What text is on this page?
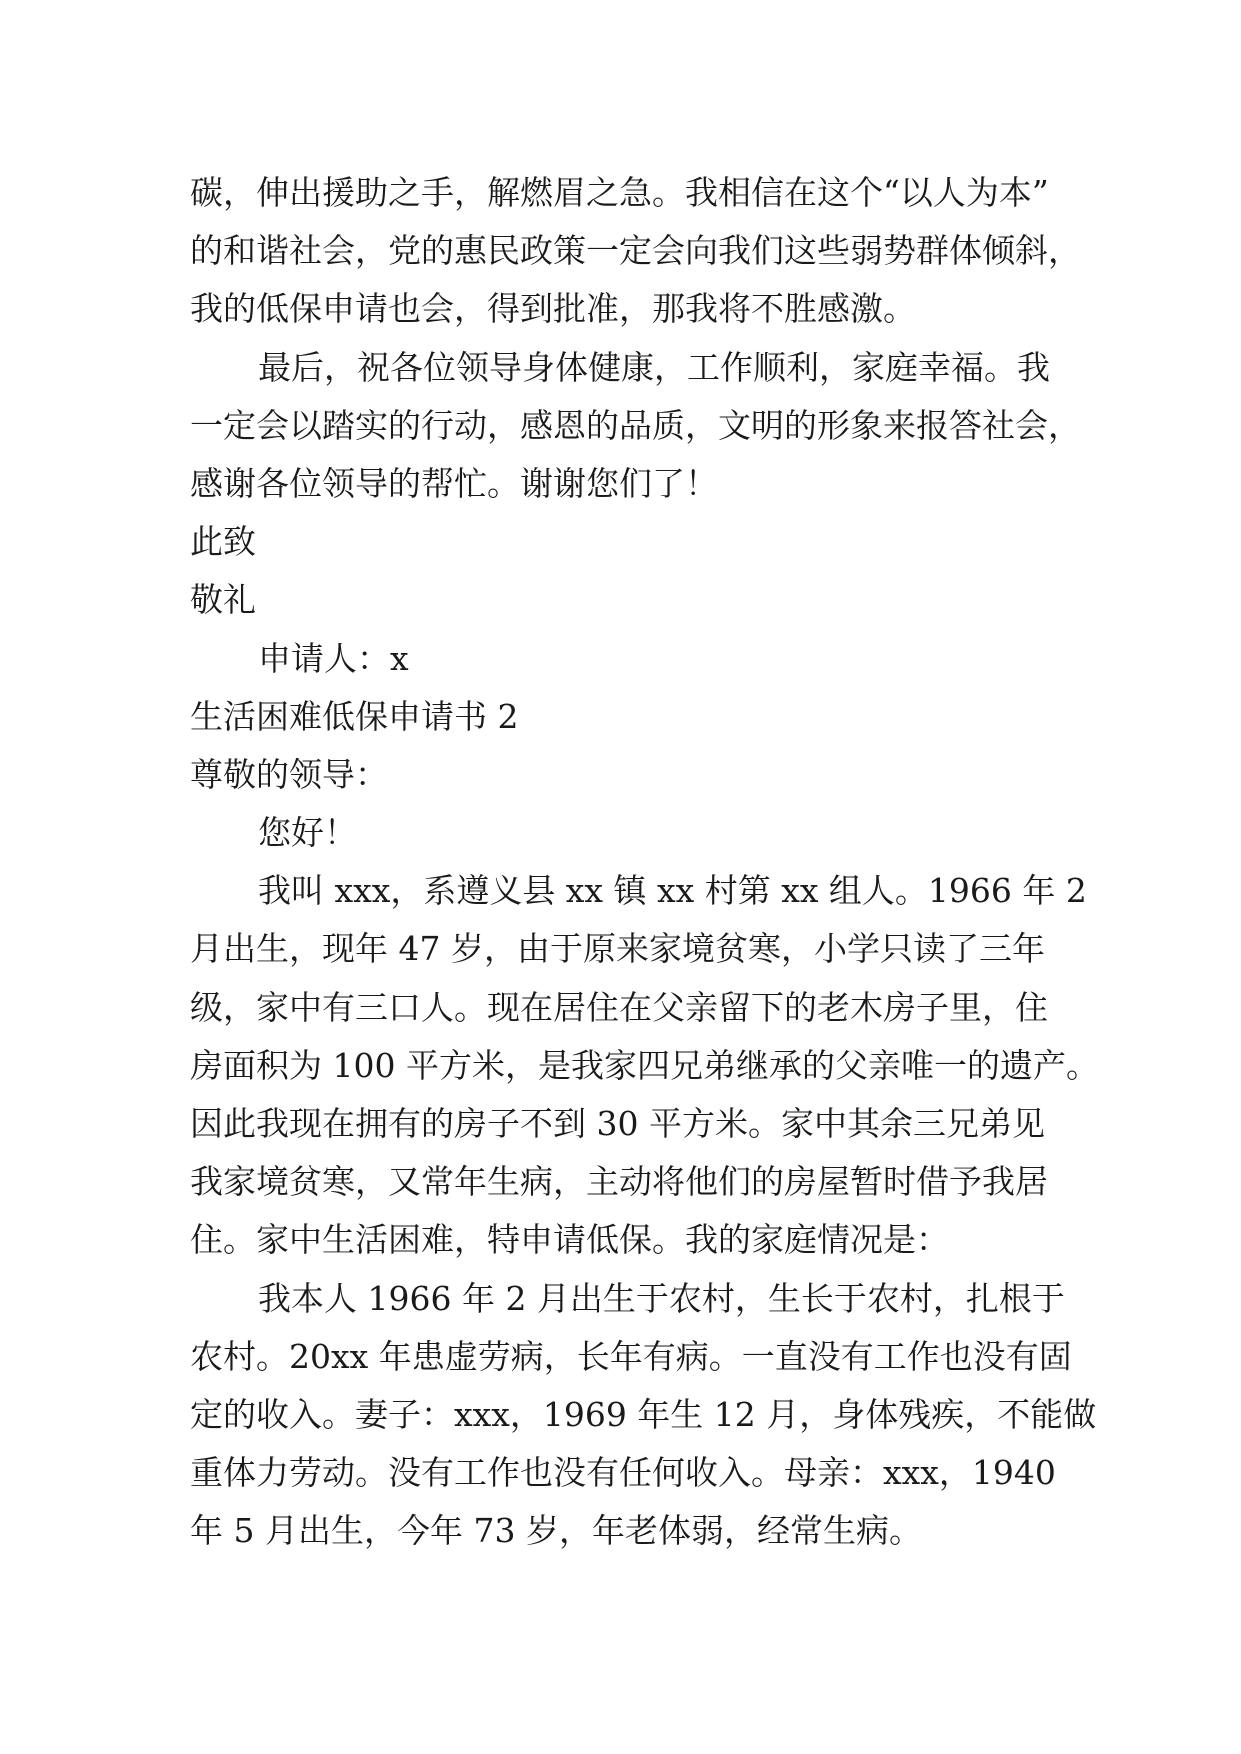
碳，伸出援助之手，解燃眉之急。我相信在这个“以人为本”
的和谐社会，党的惠民政策一定会向我们这些弱势群体倾斜，
我的低保申请也会，得到批准，那我将不胜感激。
最后，祝各位领导身体健康，工作顺利，家庭幸福。我
一定会以踏实的行动，感恩的品质，文明的形象来报答社会，
感谢各位领导的帮忙。谢谢您们了！
此致
敬礼
申请人：x
生活困难低保申请书 2
尊敬的领导：
您好！
我叫 xxx，系遵义县 xx 镇 xx 村第 xx 组人。1966 年 2
月出生，现年 47 岁，由于原来家境贫寒，小学只读了三年
级，家中有三口人。现在居住在父亲留下的老木房子里，住
房面积为 100 平方米，是我家四兄弟继承的父亲唯一的遗产。
因此我现在拥有的房子不到 30 平方米。家中其余三兄弟见
我家境贫寒，又常年生病，主动将他们的房屋暂时借予我居
住。家中生活困难，特申请低保。我的家庭情况是：
我本人 1966 年 2 月出生于农村，生长于农村，扎根于
农村。20xx 年患虚劳病，长年有病。一直没有工作也没有固
定的收入。妻子：xxx，1969 年生 12 月，身体残疾，不能做
重体力劳动。没有工作也没有任何收入。母亲：xxx，1940
年 5 月出生，今年 73 岁，年老体弱，经常生病。
